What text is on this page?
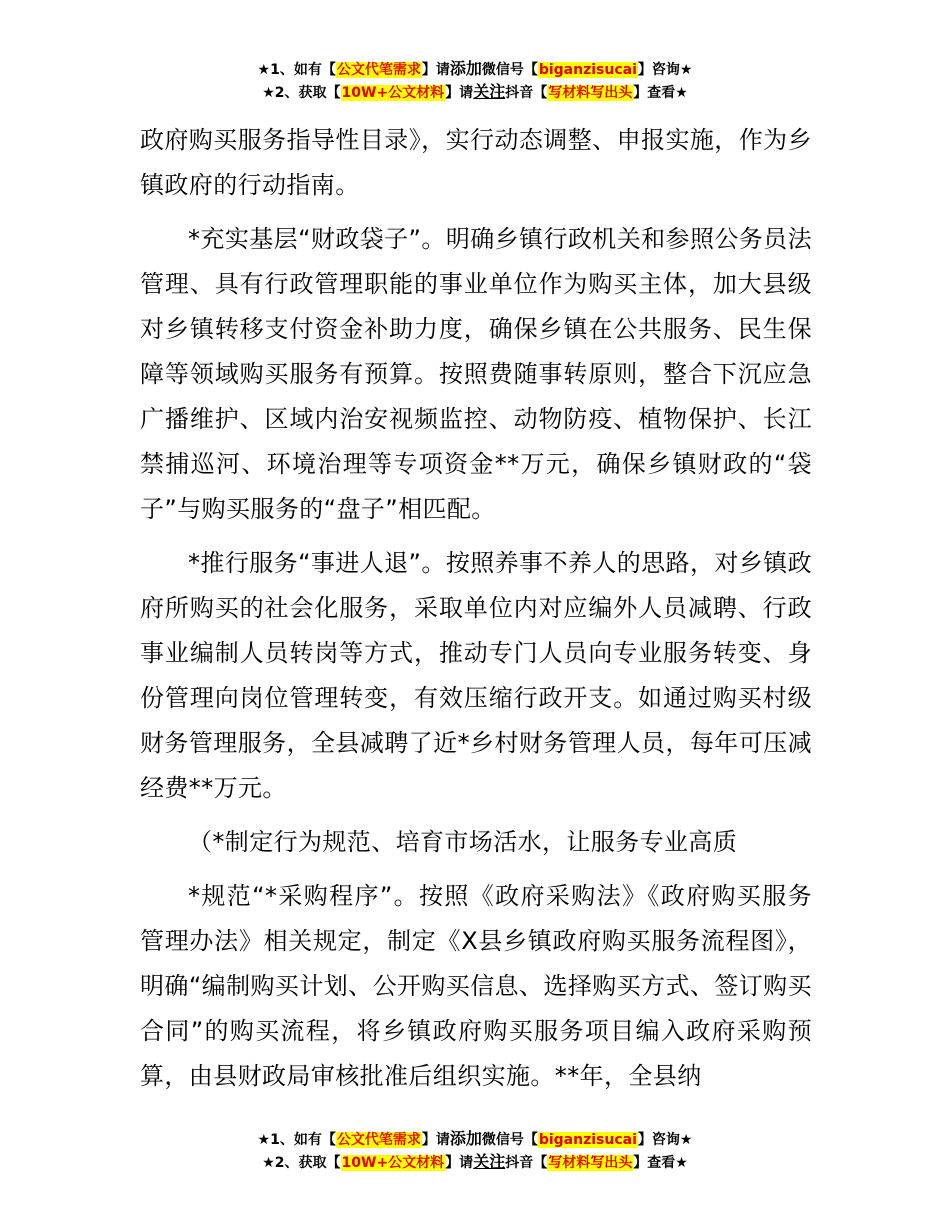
★1、如有【公文代笔需求】请添加微信号【biganzisucai】咨询★
★2、获取【10W+公文材料】请关注抖音【写材料写出头】查看★

政府购买服务指导性目录》，实行动态调整、申报实施，作为乡镇政府的行动指南。

*充实基层“财政袋子”。明确乡镇行政机关和参照公务员法管理、具有行政管理职能的事业单位作为购买主体，加大县级对乡镇转移支付资金补助力度，确保乡镇在公共服务、民生保障等领域购买服务有预算。按照费随事转原则，整合下沉应急广播维护、区域内治安视频监控、动物防疫、植物保护、长江禁捕巡河、环境治理等专项资金**万元，确保乡镇财政的“袋子”与购买服务的“盘子”相匹配。

*推行服务“事进人退”。按照养事不养人的思路，对乡镇政府所购买的社会化服务，采取单位内对应编外人员减聘、行政事业编制人员转岗等方式，推动专门人员向专业服务转变、身份管理向岗位管理转变，有效压缩行政开支。如通过购买村级财务管理服务，全县减聘了近*乡村财务管理人员，每年可压减经费**万元。

（*制定行为规范、培育市场活水，让服务专业高质

*规范“*采购程序”。按照《政府采购法》《政府购买服务管理办法》相关规定，制定《X县乡镇政府购买服务流程图》，明确“编制购买计划、公开购买信息、选择购买方式、签订购买合同”的购买流程，将乡镇政府购买服务项目编入政府采购预算，由县财政局审核批准后组织实施。**年，全县纳

★1、如有【公文代笔需求】请添加微信号【biganzisucai】咨询★
★2、获取【10W+公文材料】请关注抖音【写材料写出头】查看★
